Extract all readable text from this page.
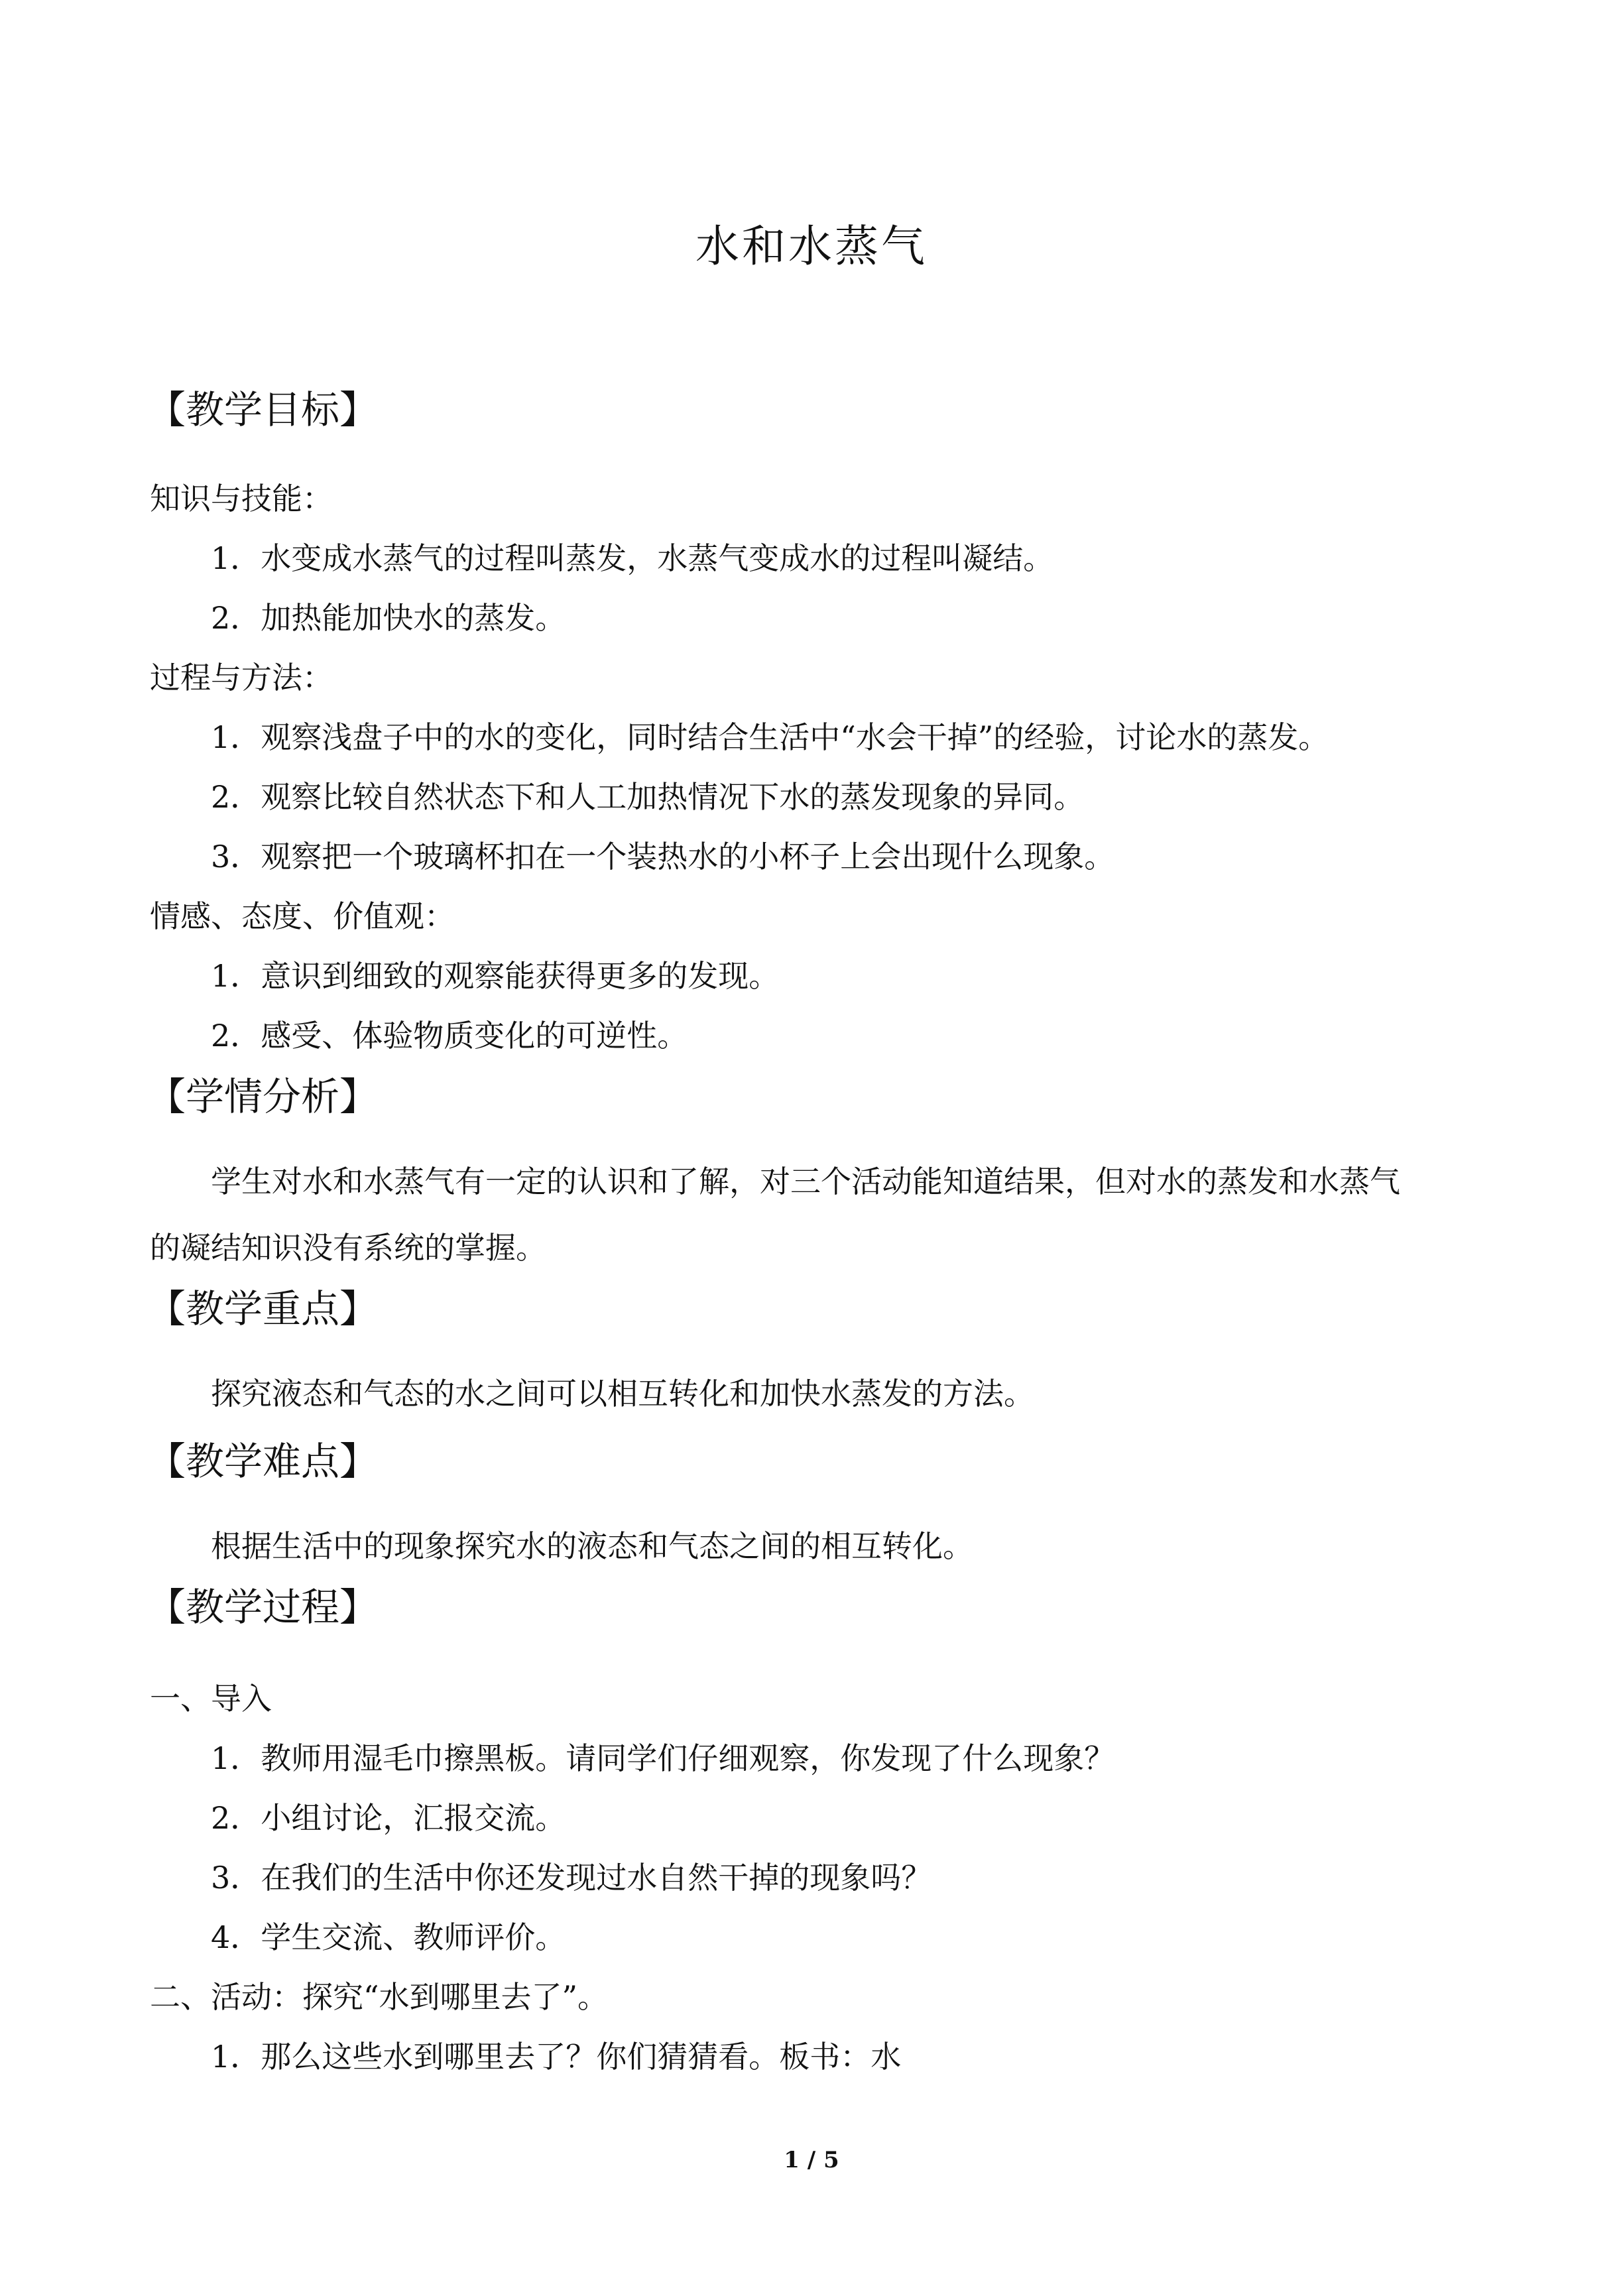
水和水蒸气
【教学目标】
知识与技能：
1．水变成水蒸气的过程叫蒸发，水蒸气变成水的过程叫凝结。
2．加热能加快水的蒸发。
过程与方法：
1．观察浅盘子中的水的变化，同时结合生活中“水会干掉”的经验，讨论水的蒸发。
2．观察比较自然状态下和人工加热情况下水的蒸发现象的异同。
3．观察把一个玻璃杯扣在一个装热水的小杯子上会出现什么现象。
情感、态度、价值观：
1．意识到细致的观察能获得更多的发现。
2．感受、体验物质变化的可逆性。
【学情分析】
学生对水和水蒸气有一定的认识和了解，对三个活动能知道结果，但对水的蒸发和水蒸气
的凝结知识没有系统的掌握。
【教学重点】
探究液态和气态的水之间可以相互转化和加快水蒸发的方法。
【教学难点】
根据生活中的现象探究水的液态和气态之间的相互转化。
【教学过程】
一、导入
1．教师用湿毛巾擦黑板。请同学们仔细观察，你发现了什么现象？
2．小组讨论，汇报交流。
3．在我们的生活中你还发现过水自然干掉的现象吗？
4．学生交流、教师评价。
二、活动：探究“水到哪里去了”。
1．那么这些水到哪里去了？你们猜猜看。板书：水
1 / 5
